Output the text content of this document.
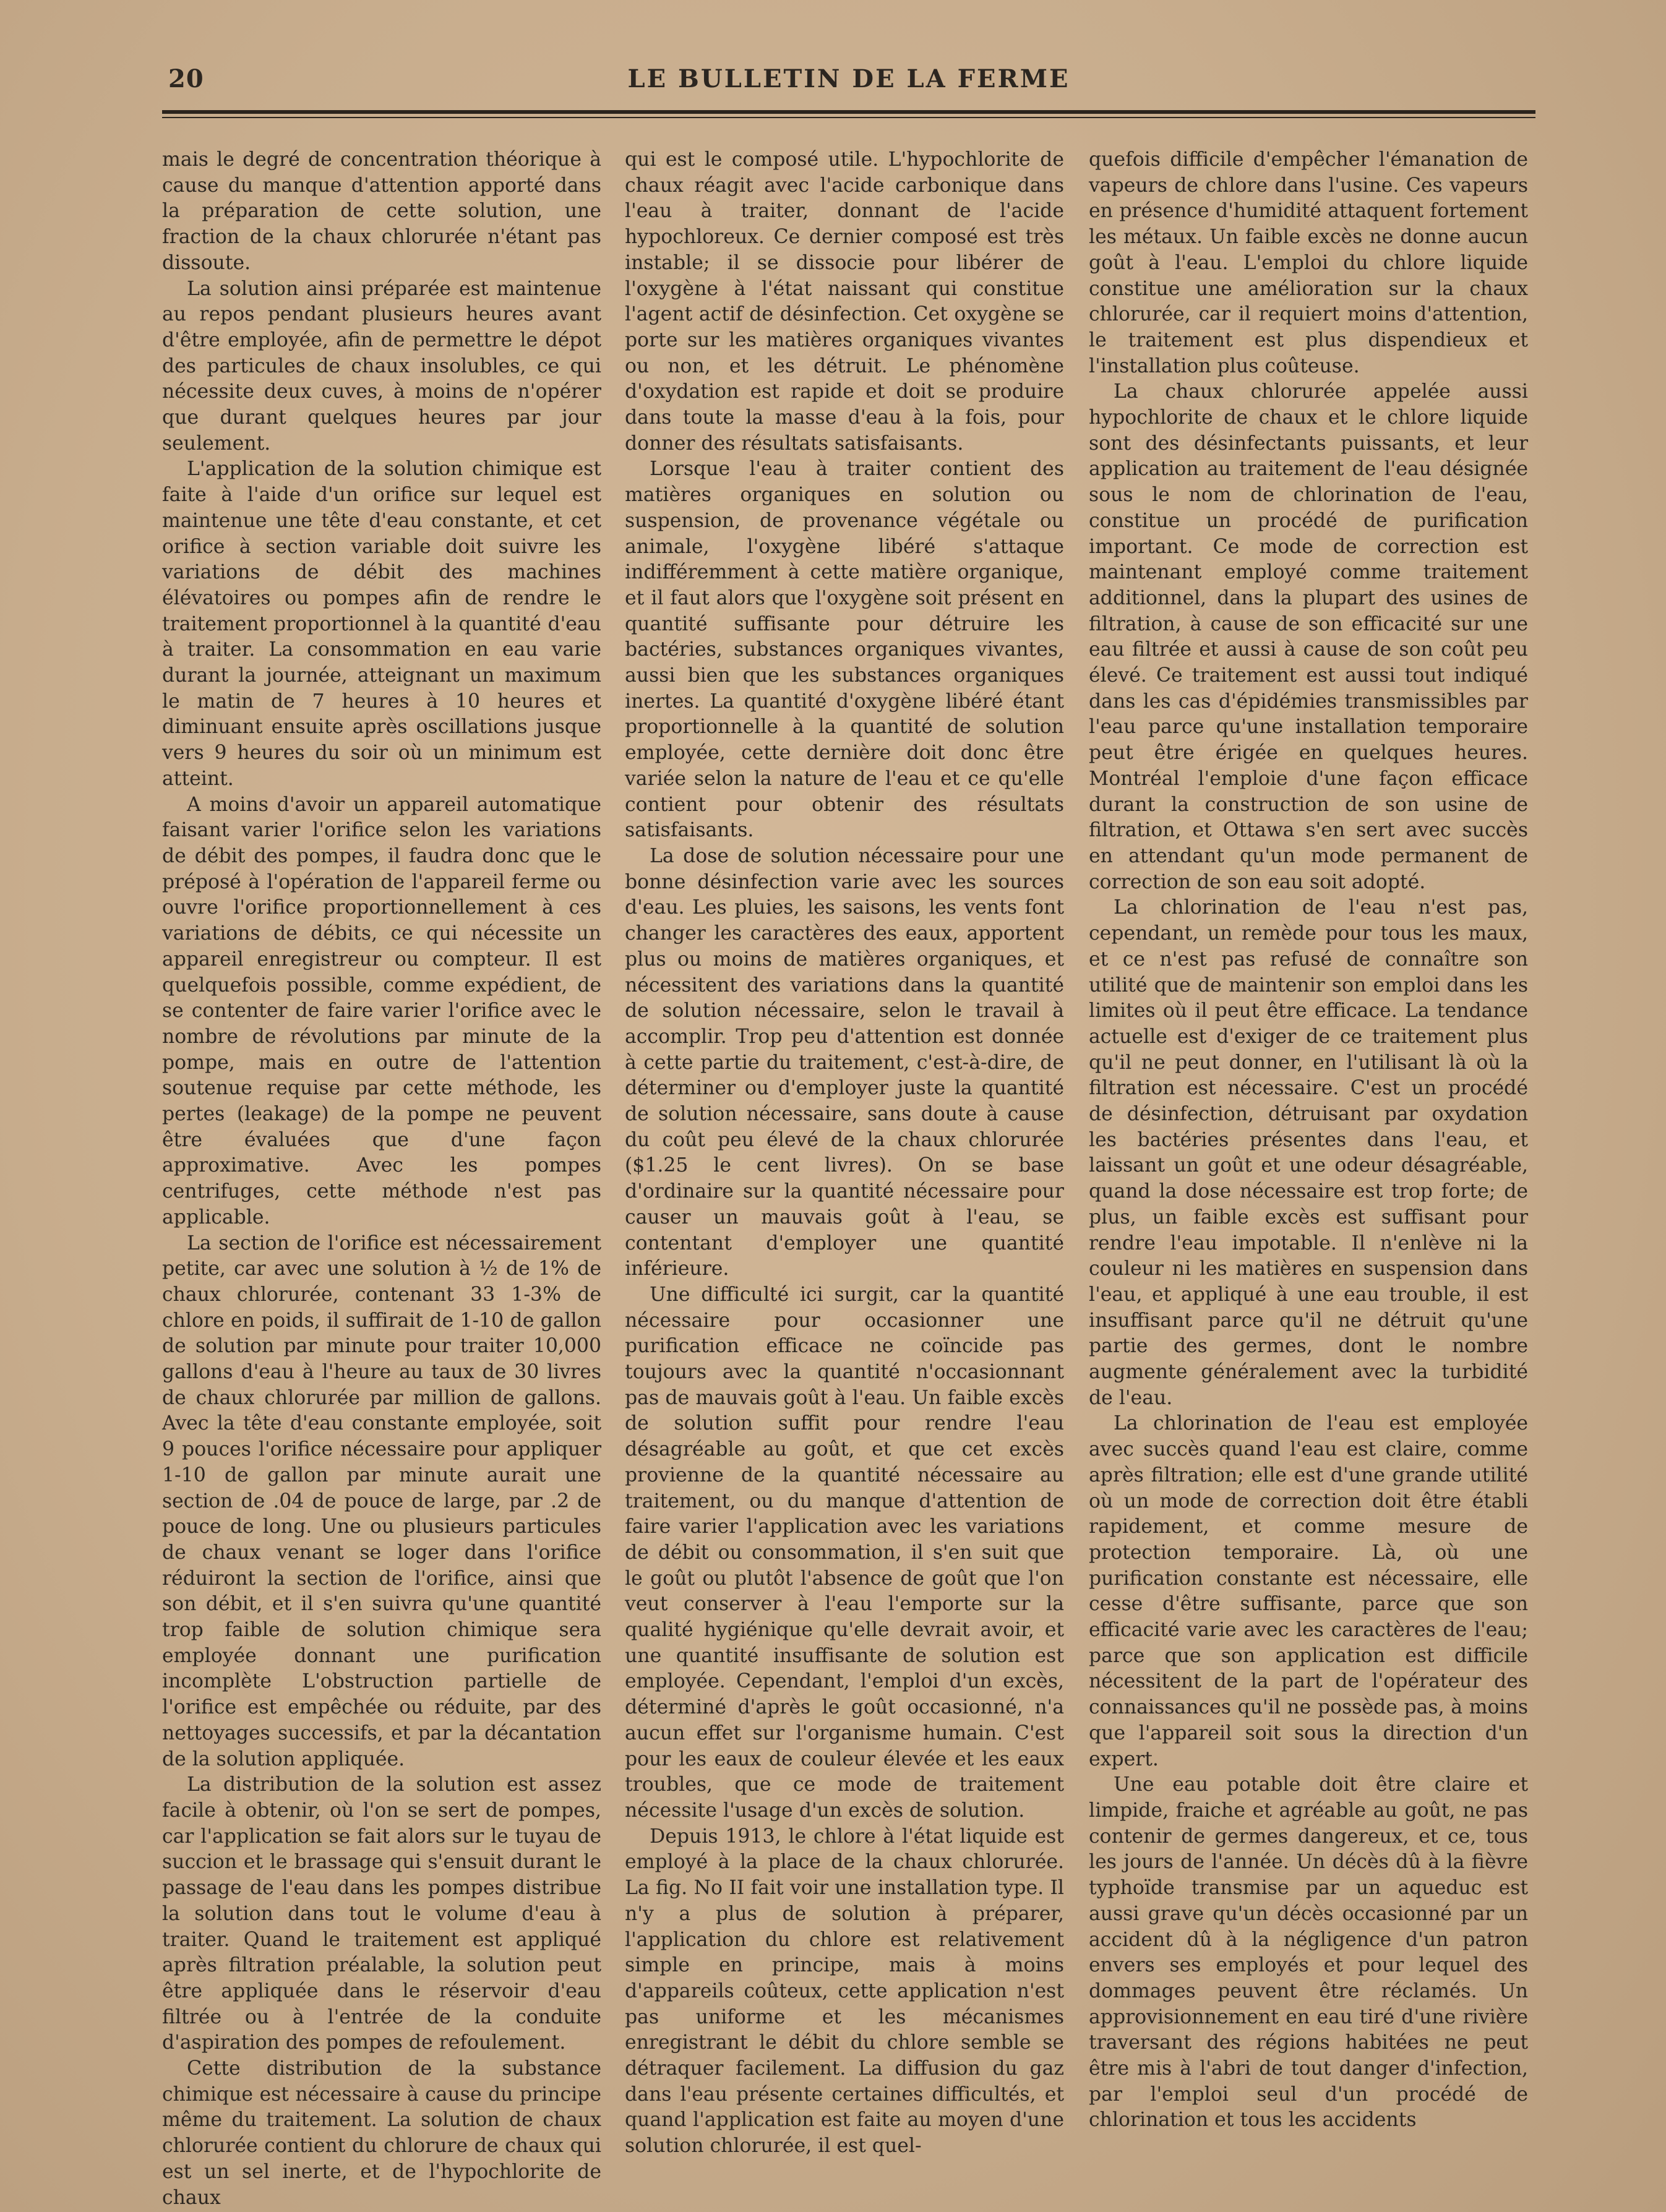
20	LE BULLETIN DE LA FERME

mais le degré de concentration théorique à cause du manque d'attention apporté dans la préparation de cette solution, une fraction de la chaux chlorurée n'étant pas dissoute.

La solution ainsi préparée est maintenue au repos pendant plusieurs heures avant d'être employée, afin de permettre le dépot des particules de chaux insolubles, ce qui nécessite deux cuves, à moins de n'opérer que durant quelques heures par jour seulement.

L'application de la solution chimique est faite à l'aide d'un orifice sur lequel est maintenue une tête d'eau constante, et cet orifice à section variable doit suivre les variations de débit des machines élévatoires ou pompes afin de rendre le traitement proportionnel à la quantité d'eau à traiter. La consommation en eau varie durant la journée, atteignant un maximum le matin de 7 heures à 10 heures et diminuant ensuite après oscillations jusque vers 9 heures du soir où un minimum est atteint.

A moins d'avoir un appareil automatique faisant varier l'orifice selon les variations de débit des pompes, il faudra donc que le préposé à l'opération de l'appareil ferme ou ouvre l'orifice proportionnellement à ces variations de débits, ce qui nécessite un appareil enregistreur ou compteur. Il est quelquefois possible, comme expédient, de se contenter de faire varier l'orifice avec le nombre de révolutions par minute de la pompe, mais en outre de l'attention soutenue requise par cette méthode, les pertes (leakage) de la pompe ne peuvent être évaluées que d'une façon approximative. Avec les pompes centrifuges, cette méthode n'est pas applicable.

La section de l'orifice est nécessairement petite, car avec une solution à ½ de 1% de chaux chlorurée, contenant 33 1-3% de chlore en poids, il suffirait de 1-10 de gallon de solution par minute pour traiter 10,000 gallons d'eau à l'heure au taux de 30 livres de chaux chlorurée par million de gallons. Avec la tête d'eau constante employée, soit 9 pouces l'orifice nécessaire pour appliquer 1-10 de gallon par minute aurait une section de .04 de pouce de large, par .2 de pouce de long. Une ou plusieurs particules de chaux venant se loger dans l'orifice réduiront la section de l'orifice, ainsi que son débit, et il s'en suivra qu'une quantité trop faible de solution chimique sera employée donnant une purification incomplète L'obstruction partielle de l'orifice est empêchée ou réduite, par des nettoyages successifs, et par la décantation de la solution appliquée.

La distribution de la solution est assez facile à obtenir, où l'on se sert de pompes, car l'application se fait alors sur le tuyau de succion et le brassage qui s'ensuit durant le passage de l'eau dans les pompes distribue la solution dans tout le volume d'eau à traiter. Quand le traitement est appliqué après filtration préalable, la solution peut être appliquée dans le réservoir d'eau filtrée ou à l'entrée de la conduite d'aspiration des pompes de refoulement.

Cette distribution de la substance chimique est nécessaire à cause du principe même du traitement. La solution de chaux chlorurée contient du chlorure de chaux qui est un sel inerte, et de l'hypochlorite de chaux

qui est le composé utile. L'hypochlorite de chaux réagit avec l'acide carbonique dans l'eau à traiter, donnant de l'acide hypochloreux. Ce dernier composé est très instable; il se dissocie pour libérer de l'oxygène à l'état naissant qui constitue l'agent actif de désinfection. Cet oxygène se porte sur les matières organiques vivantes ou non, et les détruit. Le phénomène d'oxydation est rapide et doit se produire dans toute la masse d'eau à la fois, pour donner des résultats satisfaisants.

Lorsque l'eau à traiter contient des matières organiques en solution ou suspension, de provenance végétale ou animale, l'oxygène libéré s'attaque indifféremment à cette matière organique, et il faut alors que l'oxygène soit présent en quantité suffisante pour détruire les bactéries, substances organiques vivantes, aussi bien que les substances organiques inertes. La quantité d'oxygène libéré étant proportionnelle à la quantité de solution employée, cette dernière doit donc être variée selon la nature de l'eau et ce qu'elle contient pour obtenir des résultats satisfaisants.

La dose de solution nécessaire pour une bonne désinfection varie avec les sources d'eau. Les pluies, les saisons, les vents font changer les caractères des eaux, apportent plus ou moins de matières organiques, et nécessitent des variations dans la quantité de solution nécessaire, selon le travail à accomplir. Trop peu d'attention est donnée à cette partie du traitement, c'est-à-dire, de déterminer ou d'employer juste la quantité de solution nécessaire, sans doute à cause du coût peu élevé de la chaux chlorurée ($1.25 le cent livres). On se base d'ordinaire sur la quantité nécessaire pour causer un mauvais goût à l'eau, se contentant d'employer une quantité inférieure.

Une difficulté ici surgit, car la quantité nécessaire pour occasionner une purification efficace ne coïncide pas toujours avec la quantité n'occasionnant pas de mauvais goût à l'eau. Un faible excès de solution suffit pour rendre l'eau désagréable au goût, et que cet excès provienne de la quantité nécessaire au traitement, ou du manque d'attention de faire varier l'application avec les variations de débit ou consommation, il s'en suit que le goût ou plutôt l'absence de goût que l'on veut conserver à l'eau l'emporte sur la qualité hygiénique qu'elle devrait avoir, et une quantité insuffisante de solution est employée. Cependant, l'emploi d'un excès, déterminé d'après le goût occasionné, n'a aucun effet sur l'organisme humain. C'est pour les eaux de couleur élevée et les eaux troubles, que ce mode de traitement nécessite l'usage d'un excès de solution.

Depuis 1913, le chlore à l'état liquide est employé à la place de la chaux chlorurée. La fig. No II fait voir une installation type. Il n'y a plus de solution à préparer, l'application du chlore est relativement simple en principe, mais à moins d'appareils coûteux, cette application n'est pas uniforme et les mécanismes enregistrant le débit du chlore semble se détraquer facilement. La diffusion du gaz dans l'eau présente certaines difficultés, et quand l'application est faite au moyen d'une solution chlorurée, il est quel-

quefois difficile d'empêcher l'émanation de vapeurs de chlore dans l'usine. Ces vapeurs en présence d'humidité attaquent fortement les métaux. Un faible excès ne donne aucun goût à l'eau. L'emploi du chlore liquide constitue une amélioration sur la chaux chlorurée, car il requiert moins d'attention, le traitement est plus dispendieux et l'installation plus coûteuse.

La chaux chlorurée appelée aussi hypochlorite de chaux et le chlore liquide sont des désinfectants puissants, et leur application au traitement de l'eau désignée sous le nom de chlorination de l'eau, constitue un procédé de purification important. Ce mode de correction est maintenant employé comme traitement additionnel, dans la plupart des usines de filtration, à cause de son efficacité sur une eau filtrée et aussi à cause de son coût peu élevé. Ce traitement est aussi tout indiqué dans les cas d'épidémies transmissibles par l'eau parce qu'une installation temporaire peut être érigée en quelques heures. Montréal l'emploie d'une façon efficace durant la construction de son usine de filtration, et Ottawa s'en sert avec succès en attendant qu'un mode permanent de correction de son eau soit adopté.

La chlorination de l'eau n'est pas, cependant, un remède pour tous les maux, et ce n'est pas refusé de connaître son utilité que de maintenir son emploi dans les limites où il peut être efficace. La tendance actuelle est d'exiger de ce traitement plus qu'il ne peut donner, en l'utilisant là où la filtration est nécessaire. C'est un procédé de désinfection, détruisant par oxydation les bactéries présentes dans l'eau, et laissant un goût et une odeur désagréable, quand la dose nécessaire est trop forte; de plus, un faible excès est suffisant pour rendre l'eau impotable. Il n'enlève ni la couleur ni les matières en suspension dans l'eau, et appliqué à une eau trouble, il est insuffisant parce qu'il ne détruit qu'une partie des germes, dont le nombre augmente généralement avec la turbidité de l'eau.

La chlorination de l'eau est employée avec succès quand l'eau est claire, comme après filtration; elle est d'une grande utilité où un mode de correction doit être établi rapidement, et comme mesure de protection temporaire. Là, où une purification constante est nécessaire, elle cesse d'être suffisante, parce que son efficacité varie avec les caractères de l'eau; parce que son application est difficile nécessitent de la part de l'opérateur des connaissances qu'il ne possède pas, à moins que l'appareil soit sous la direction d'un expert.

Une eau potable doit être claire et limpide, fraiche et agréable au goût, ne pas contenir de germes dangereux, et ce, tous les jours de l'année. Un décès dû à la fièvre typhoïde transmise par un aqueduc est aussi grave qu'un décès occasionné par un accident dû à la négligence d'un patron envers ses employés et pour lequel des dommages peuvent être réclamés. Un approvisionnement en eau tiré d'une rivière traversant des régions habitées ne peut être mis à l'abri de tout danger d'infection, par l'emploi seul d'un procédé de chlorination et tous les accidents
